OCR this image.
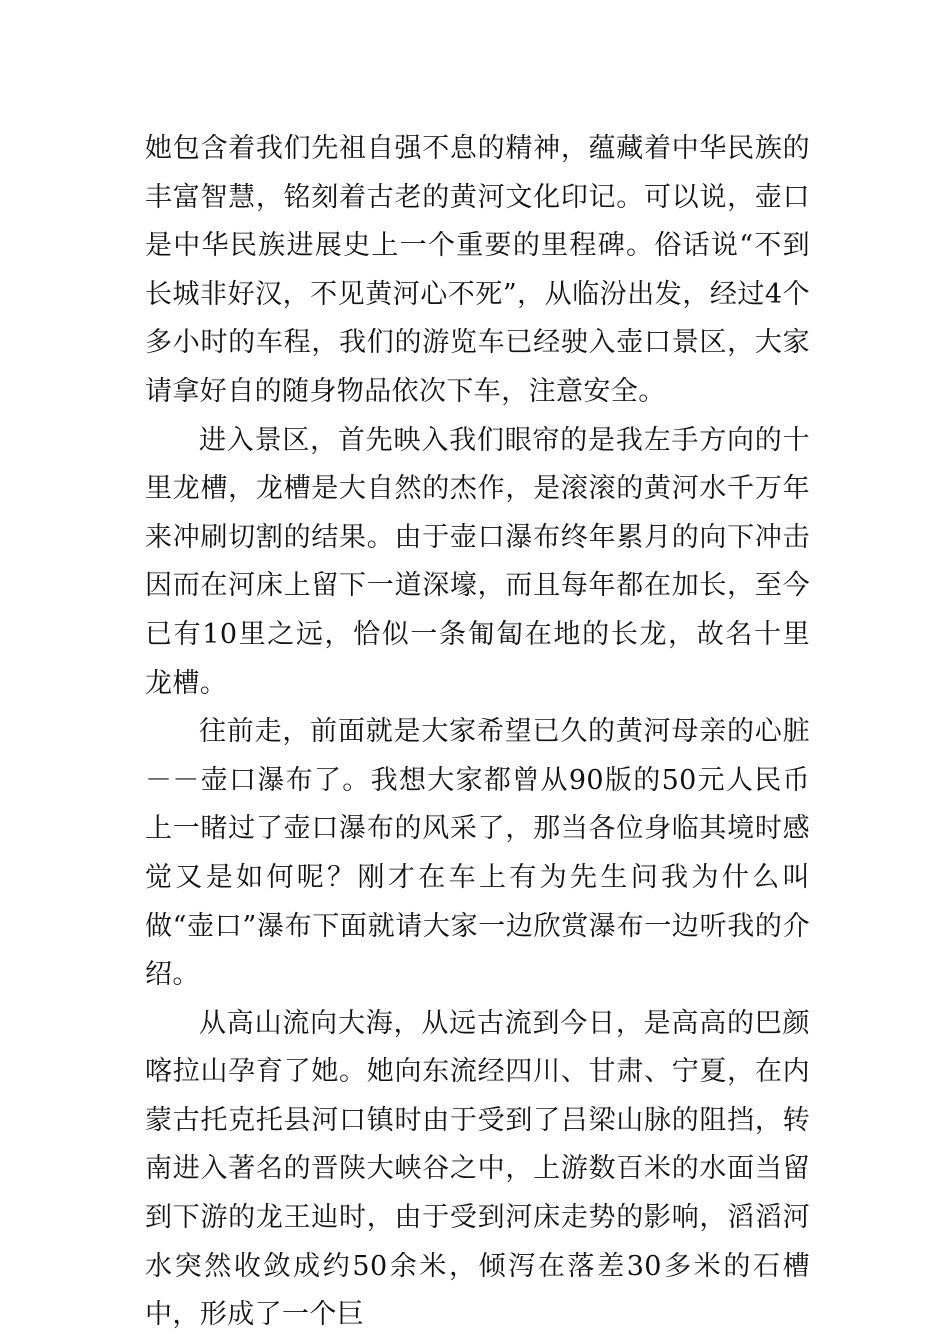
她包含着我们先祖自强不息的精神，蕴藏着中华民族的丰富智慧，铭刻着古老的黄河文化印记。可以说，壶口是中华民族进展史上一个重要的里程碑。俗话说“不到长城非好汉，不见黄河心不死”，从临汾出发，经过4个多小时的车程，我们的游览车已经驶入壶口景区，大家请拿好自的随身物品依次下车，注意安全。

进入景区，首先映入我们眼帘的是我左手方向的十里龙槽，龙槽是大自然的杰作，是滚滚的黄河水千万年来冲刷切割的结果。由于壶口瀑布终年累月的向下冲击因而在河床上留下一道深壕，而且每年都在加长，至今已有10里之远，恰似一条匍匐在地的长龙，故名十里龙槽。

往前走，前面就是大家希望已久的黄河母亲的心脏－－壶口瀑布了。我想大家都曾从90版的50元人民币上一睹过了壶口瀑布的风采了，那当各位身临其境时感觉又是如何呢？刚才在车上有为先生问我为什么叫做“壶口”瀑布下面就请大家一边欣赏瀑布一边听我的介绍。

从高山流向大海，从远古流到今日，是高高的巴颜喀拉山孕育了她。她向东流经四川、甘肃、宁夏，在内蒙古托克托县河口镇时由于受到了吕梁山脉的阻挡，转南进入著名的晋陕大峡谷之中，上游数百米的水面当留到下游的龙王辿时，由于受到河床走势的影响，滔滔河水突然收敛成约50余米，倾泻在落差30多米的石槽中，形成了一个巨
